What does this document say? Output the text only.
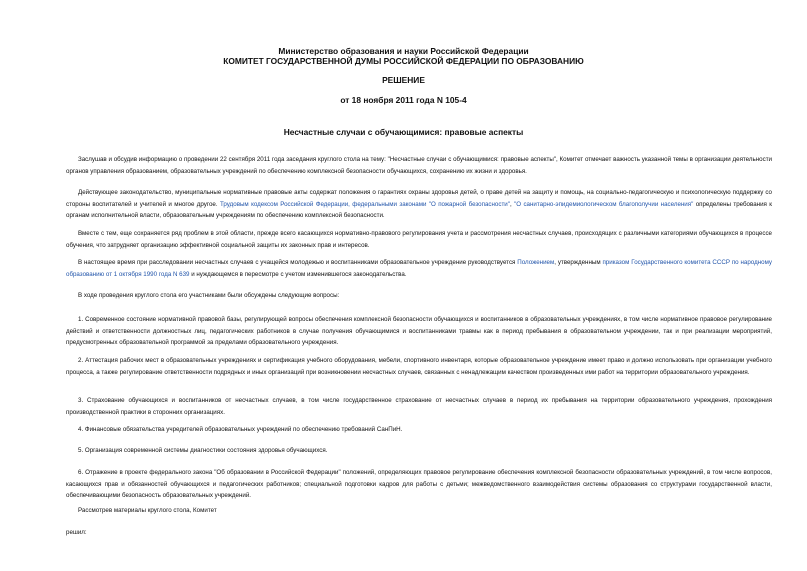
Министерство образования и науки Российской Федерации
КОМИТЕТ ГОСУДАРСТВЕННОЙ ДУМЫ РОССИЙСКОЙ ФЕДЕРАЦИИ ПО ОБРАЗОВАНИЮ
РЕШЕНИЕ
от 18 ноября 2011 года N 105-4
Несчастные случаи с обучающимися: правовые аспекты

Заслушав и обсудив информацию о проведении 22 сентября 2011 года заседания круглого стола на тему: "Несчастные случаи с обучающимися: правовые аспекты", Комитет отмечает важность указанной темы в организации деятельности органов управления образованием, образовательных учреждений по обеспечению комплексной безопасности обучающихся, сохранению их жизни и здоровья.

Действующее законодательство, муниципальные нормативные правовые акты содержат положения о гарантиях охраны здоровья детей, о праве детей на защиту и помощь, на социально-педагогическую и психологическую поддержку со стороны воспитателей и учителей и многое другое. Трудовым кодексом Российской Федерации, федеральными законами "О пожарной безопасности", "О санитарно-эпидемиологическом благополучии населения" определены требования к органам исполнительной власти, образовательным учреждениям по обеспечению комплексной безопасности.

Вместе с тем, еще сохраняется ряд проблем в этой области, прежде всего касающихся нормативно-правового регулирования учета и рассмотрения несчастных случаев, происходящих с различными категориями обучающихся в процессе обучения, что затрудняет организацию эффективной социальной защиты их законных прав и интересов.

В настоящее время при расследовании несчастных случаев с учащейся молодежью и воспитанниками образовательное учреждение руководствуется Положением, утвержденным приказом Государственного комитета СССР по народному образованию от 1 октября 1990 года N 639 и нуждающемся в пересмотре с учетом изменившегося законодательства.

В ходе проведения круглого стола его участниками были обсуждены следующие вопросы:

1. Современное состояние нормативной правовой базы, регулирующей вопросы обеспечения комплексной безопасности обучающихся и воспитанников в образовательных учреждениях, в том числе нормативное правовое регулирование действий и ответственности должностных лиц, педагогических работников в случае получения обучающимися и воспитанниками травмы как в период пребывания в образовательном учреждении, так и при реализации мероприятий, предусмотренных образовательной программой за пределами образовательного учреждения.

2. Аттестация рабочих мест в образовательных учреждениях и сертификация учебного оборудования, мебели, спортивного инвентаря, которые образовательное учреждение имеет право и должно использовать при организации учебного процесса, а также регулирование ответственности подрядных и иных организаций при возникновении несчастных случаев, связанных с ненадлежащим качеством произведенных ими работ на территории образовательного учреждения.

3. Страхование обучающихся и воспитанников от несчастных случаев, в том числе государственное страхование от несчастных случаев в период их пребывания на территории образовательного учреждения, прохождения производственной практики в сторонних организациях.

4. Финансовые обязательства учредителей образовательных учреждений по обеспечению требований СанПиН.

5. Организация современной системы диагностики состояния здоровья обучающихся.

6. Отражение в проекте федерального закона "Об образовании в Российской Федерации" положений, определяющих правовое регулирование обеспечения комплексной безопасности образовательных учреждений, в том числе вопросов, касающихся прав и обязанностей обучающихся и педагогических работников; специальной подготовки кадров для работы с детьми; межведомственного взаимодействия системы образования со структурами государственной власти, обеспечивающими безопасность образовательных учреждений.

Рассмотрев материалы круглого стола, Комитет

решил:
